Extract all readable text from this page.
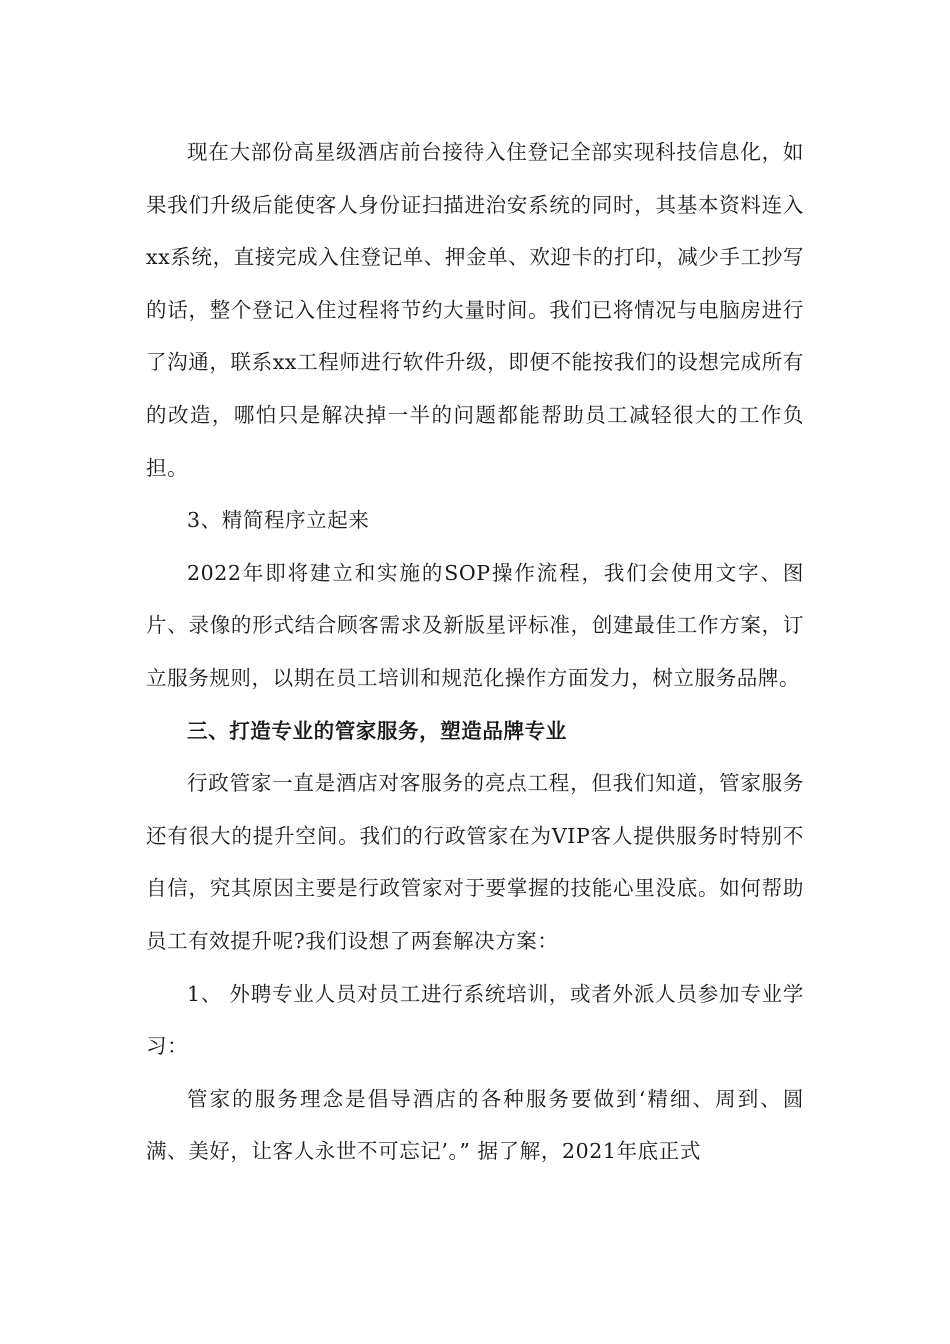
现在大部份高星级酒店前台接待入住登记全部实现科技信息化，如果我们升级后能使客人身份证扫描进治安系统的同时，其基本资料连入xx系统，直接完成入住登记单、押金单、欢迎卡的打印，减少手工抄写的话，整个登记入住过程将节约大量时间。我们已将情况与电脑房进行了沟通，联系xx工程师进行软件升级，即便不能按我们的设想完成所有的改造，哪怕只是解决掉一半的问题都能帮助员工减轻很大的工作负担。

3、精简程序立起来

2022年即将建立和实施的SOP操作流程，我们会使用文字、图片、录像的形式结合顾客需求及新版星评标准，创建最佳工作方案，订立服务规则，以期在员工培训和规范化操作方面发力，树立服务品牌。

三、打造专业的管家服务，塑造品牌专业

行政管家一直是酒店对客服务的亮点工程，但我们知道，管家服务还有很大的提升空间。我们的行政管家在为VIP客人提供服务时特别不自信，究其原因主要是行政管家对于要掌握的技能心里没底。如何帮助员工有效提升呢?我们设想了两套解决方案：

1、 外聘专业人员对员工进行系统培训，或者外派人员参加专业学习：

管家的服务理念是倡导酒店的各种服务要做到‘精细、周到、圆满、美好，让客人永世不可忘记’。” 据了解，2021年底正式
